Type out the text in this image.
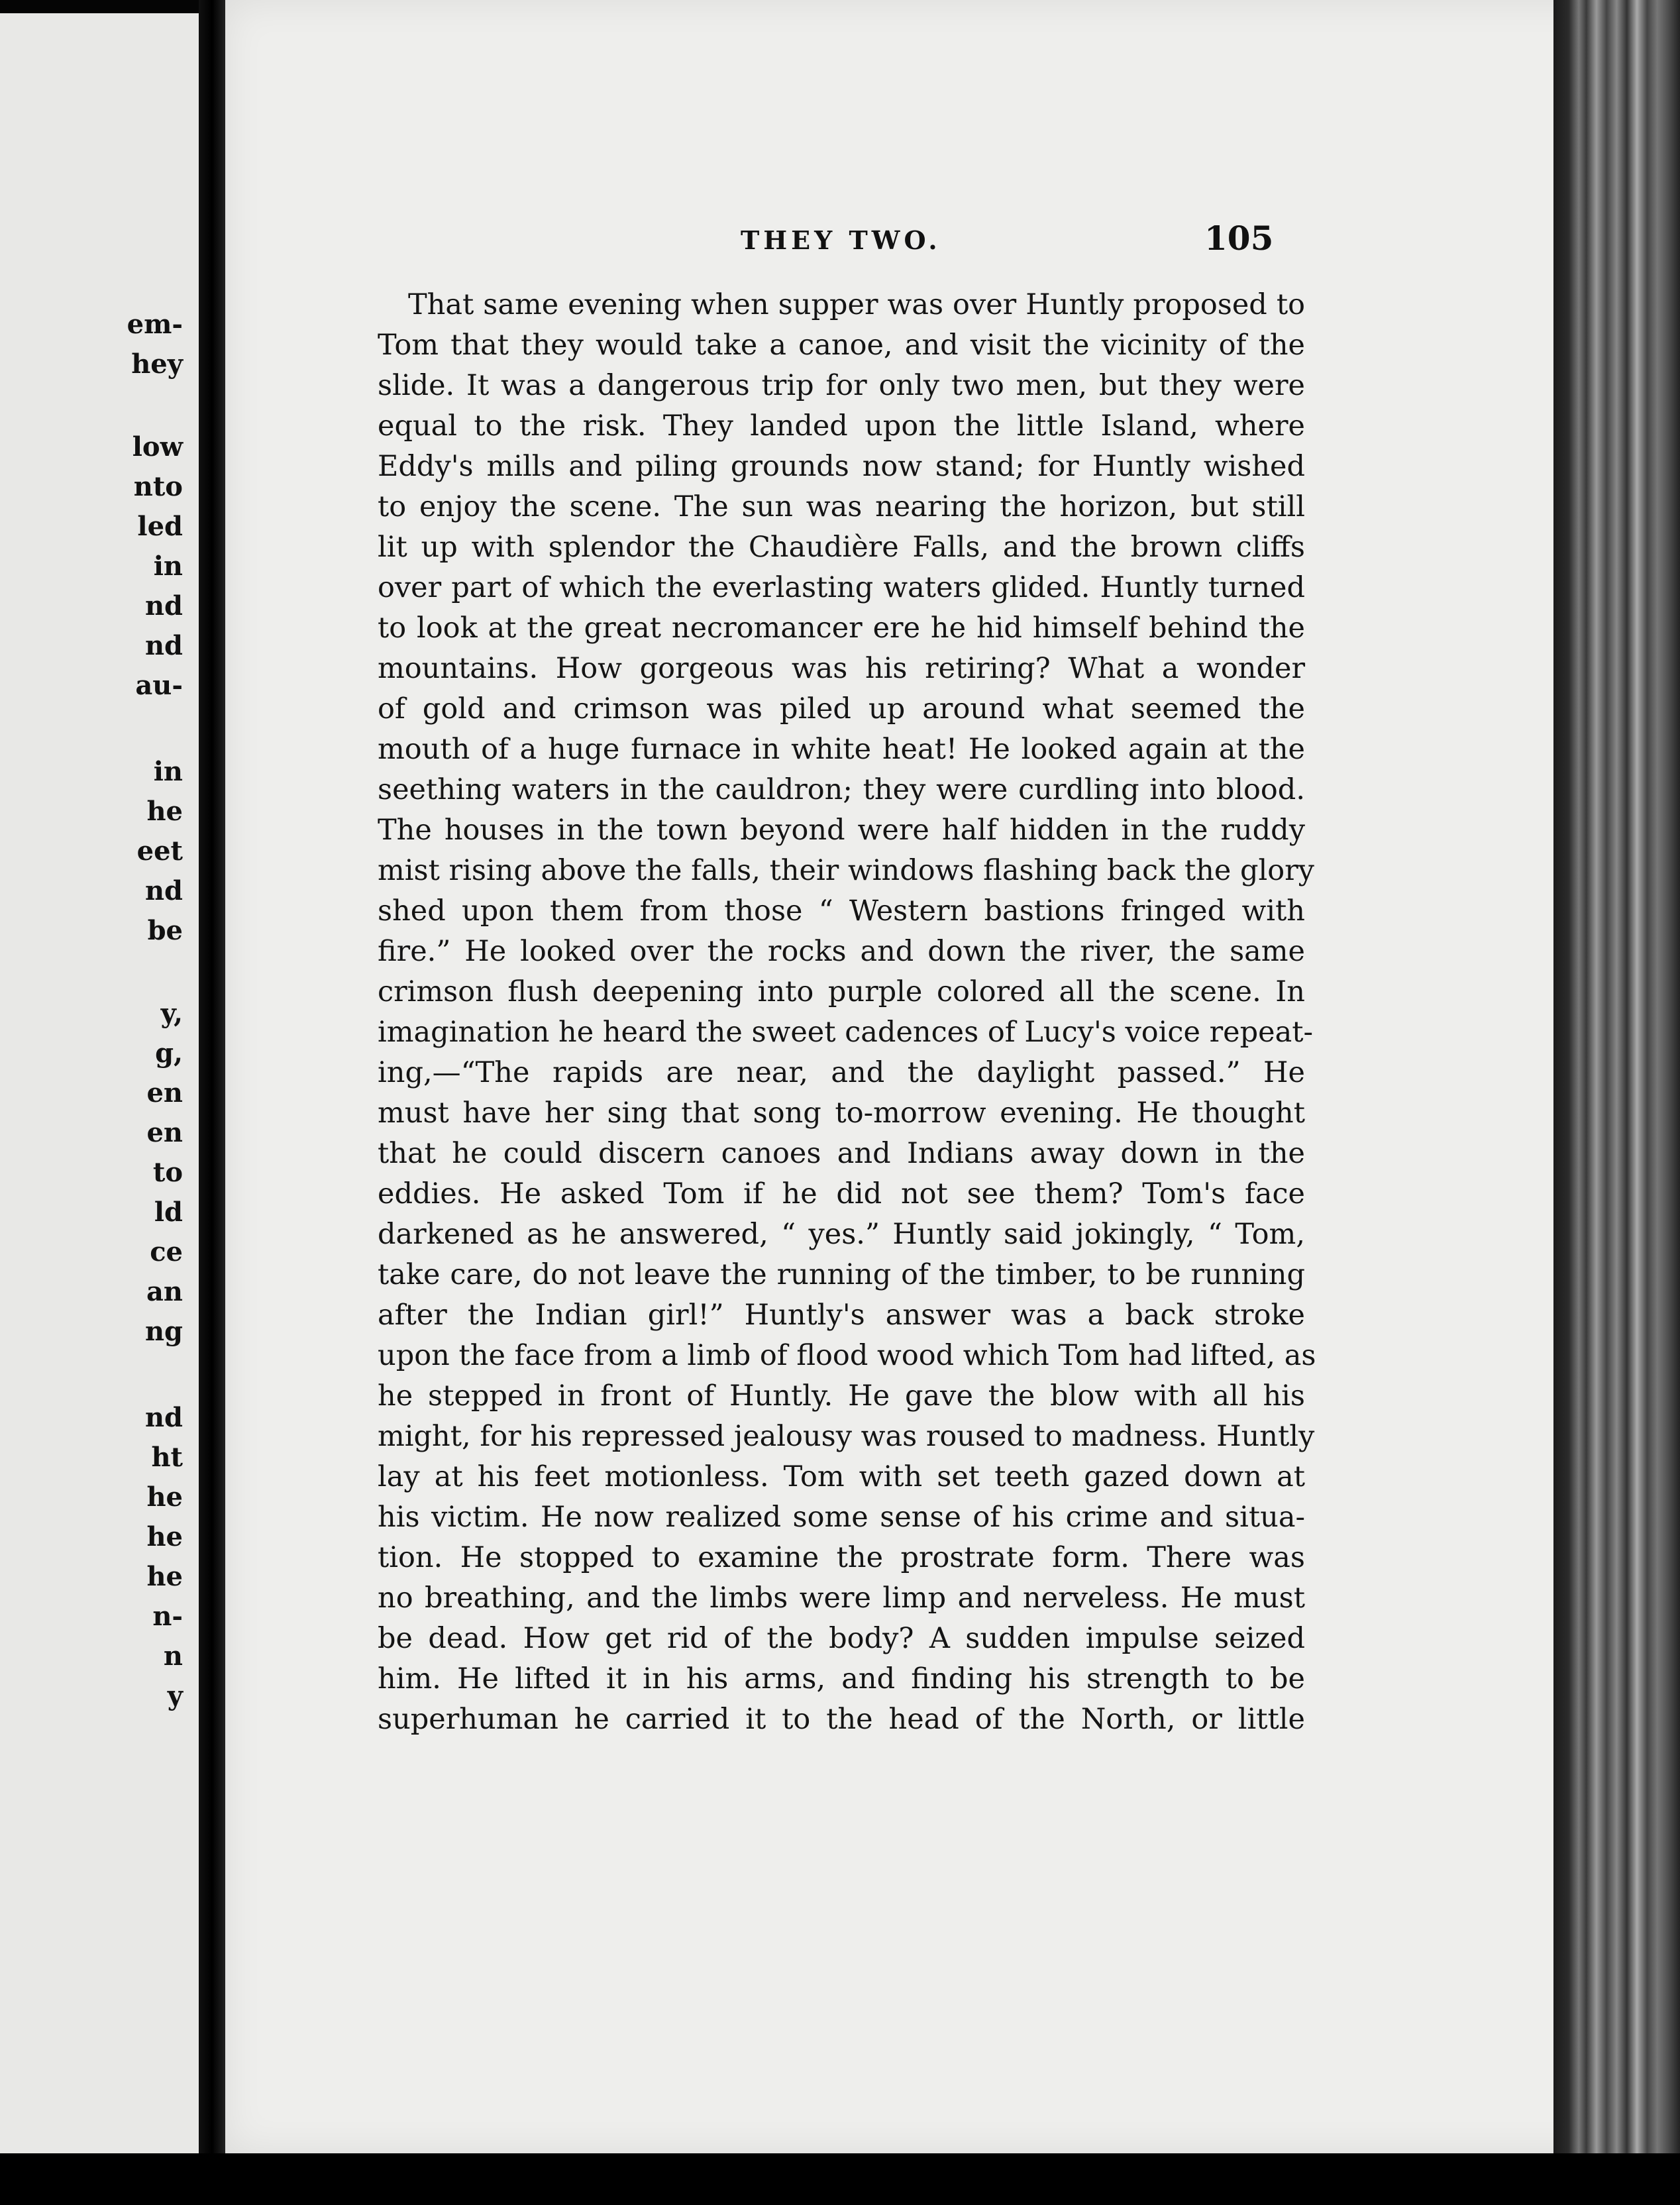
em-

hey

low

nto

led

in

nd

nd

au-

in

he

eet

nd

be

y,

g,

en

en

to

ld

ce

an

ng

nd

ht

he

he

he

n-

n

y

THEY TWO.	105

That same evening when supper was over Huntly proposed to
Tom that they would take a canoe, and visit the vicinity of the
slide. It was a dangerous trip for only two men, but they were
equal to the risk. They landed upon the little Island, where
Eddy's mills and piling grounds now stand; for Huntly wished
to enjoy the scene. The sun was nearing the horizon, but still
lit up with splendor the Chaudière Falls, and the brown cliffs
over part of which the everlasting waters glided. Huntly turned
to look at the great necromancer ere he hid himself behind the
mountains. How gorgeous was his retiring? What a wonder
of gold and crimson was piled up around what seemed the
mouth of a huge furnace in white heat! He looked again at the
seething waters in the cauldron; they were curdling into blood.
The houses in the town beyond were half hidden in the ruddy
mist rising above the falls, their windows flashing back the glory
shed upon them from those “ Western bastions fringed with
fire.” He looked over the rocks and down the river, the same
crimson flush deepening into purple colored all the scene. In
imagination he heard the sweet cadences of Lucy's voice repeat-
ing,—“The rapids are near, and the daylight passed.” He
must have her sing that song to-morrow evening. He thought
that he could discern canoes and Indians away down in the
eddies. He asked Tom if he did not see them? Tom's face
darkened as he answered, “ yes.” Huntly said jokingly, “ Tom,
take care, do not leave the running of the timber, to be running
after the Indian girl!” Huntly's answer was a back stroke
upon the face from a limb of flood wood which Tom had lifted, as
he stepped in front of Huntly. He gave the blow with all his
might, for his repressed jealousy was roused to madness. Huntly
lay at his feet motionless. Tom with set teeth gazed down at
his victim. He now realized some sense of his crime and situa-
tion. He stopped to examine the prostrate form. There was
no breathing, and the limbs were limp and nerveless. He must
be dead. How get rid of the body? A sudden impulse seized
him. He lifted it in his arms, and finding his strength to be
superhuman he carried it to the head of the North, or little
